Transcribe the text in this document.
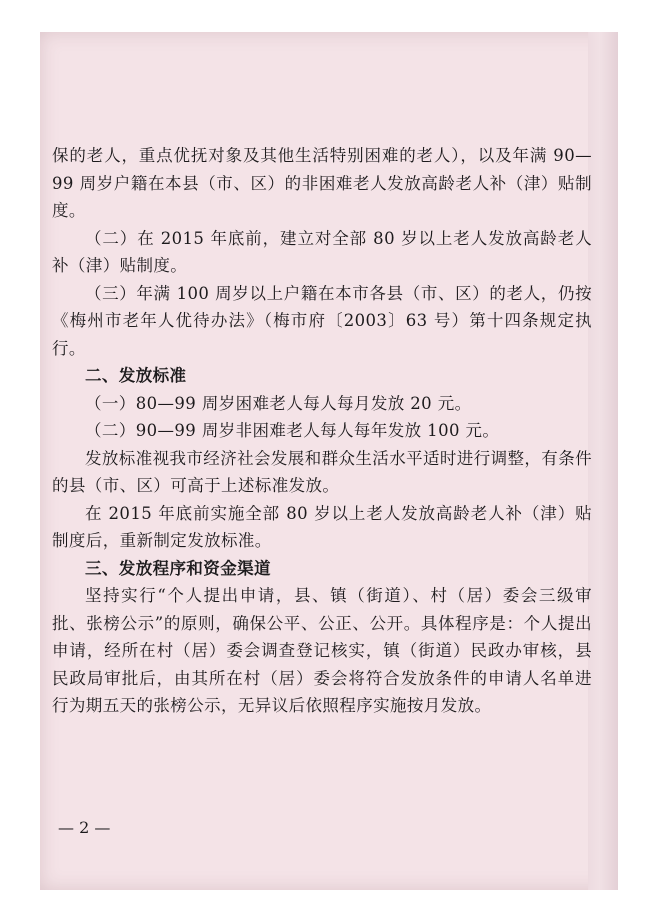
保的老人，重点优抚对象及其他生活特别困难的老人），以及年满 90—99 周岁户籍在本县（市、区）的非困难老人发放高龄老人补（津）贴制度。

（二）在 2015 年底前，建立对全部 80 岁以上老人发放高龄老人补（津）贴制度。

（三）年满 100 周岁以上户籍在本市各县（市、区）的老人，仍按《梅州市老年人优待办法》（梅市府〔2003〕63 号）第十四条规定执行。

二、发放标准

（一）80—99 周岁困难老人每人每月发放 20 元。

（二）90—99 周岁非困难老人每人每年发放 100 元。

发放标准视我市经济社会发展和群众生活水平适时进行调整，有条件的县（市、区）可高于上述标准发放。

在 2015 年底前实施全部 80 岁以上老人发放高龄老人补（津）贴制度后，重新制定发放标准。

三、发放程序和资金渠道

坚持实行“个人提出申请，县、镇（街道）、村（居）委会三级审批、张榜公示”的原则，确保公平、公正、公开。具体程序是：个人提出申请，经所在村（居）委会调查登记核实，镇（街道）民政办审核，县民政局审批后，由其所在村（居）委会将符合发放条件的申请人名单进行为期五天的张榜公示，无异议后依照程序实施按月发放。

— 2 —
